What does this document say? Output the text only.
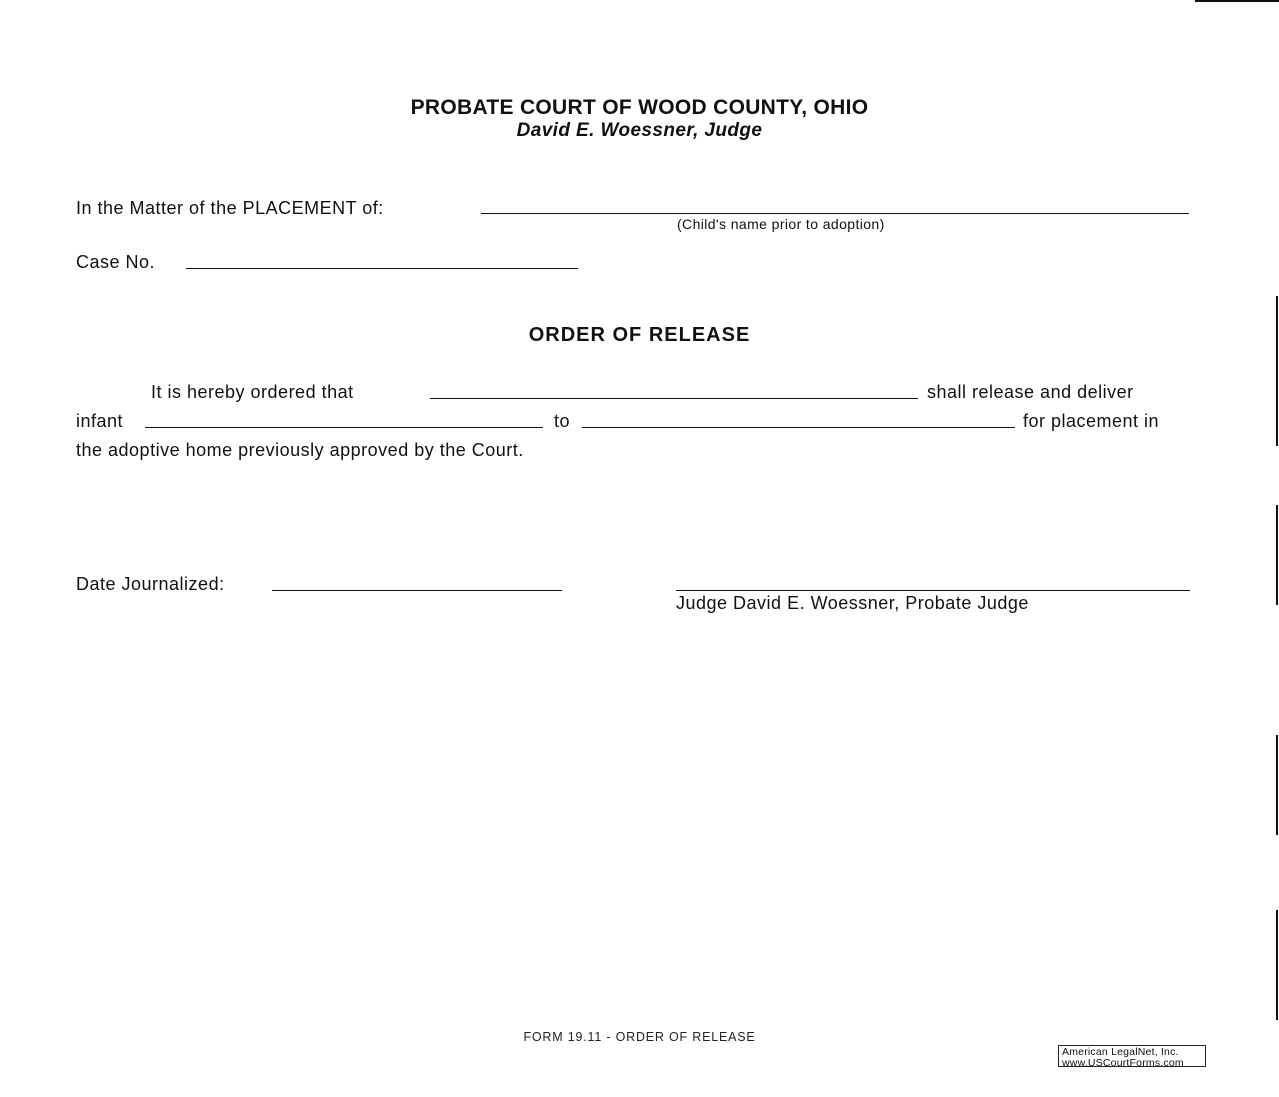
PROBATE COURT OF WOOD COUNTY, OHIO
David E. Woessner, Judge
In the Matter of the PLACEMENT of:
(Child's name prior to adoption)
Case No.
ORDER OF RELEASE
It is hereby ordered that	shall release and deliver
infant	to	for placement in
the adoptive home previously approved by the Court.
Date Journalized:
Judge David E. Woessner, Probate Judge
FORM 19.11 - ORDER OF RELEASE
American LegalNet, Inc.
www.USCourtForms.com
